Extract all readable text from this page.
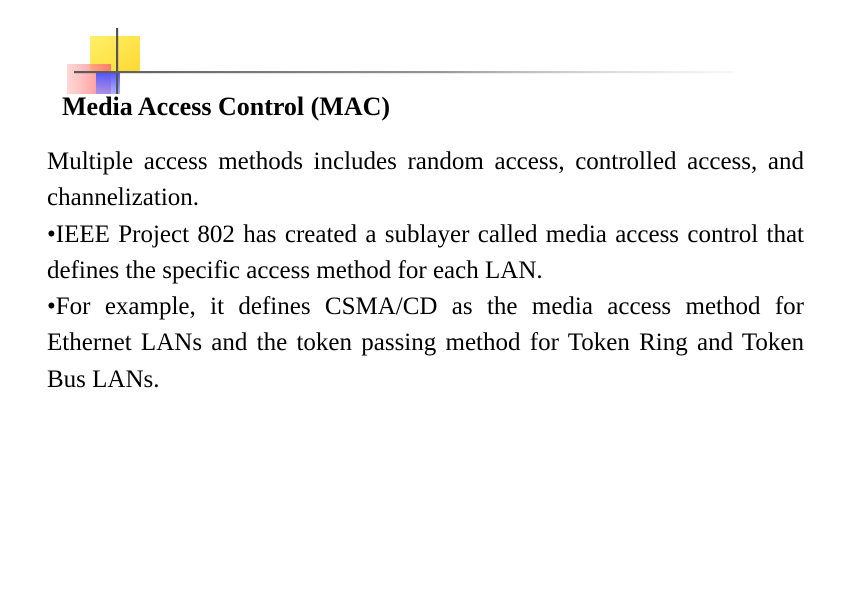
Media Access Control (MAC)

Multiple access methods includes random access, controlled access, and channelization.

•IEEE Project 802 has created a sublayer called media access control that defines the specific access method for each LAN.

•For example, it defines CSMA/CD as the media access method for Ethernet LANs and the token passing method for Token Ring and Token Bus LANs.
